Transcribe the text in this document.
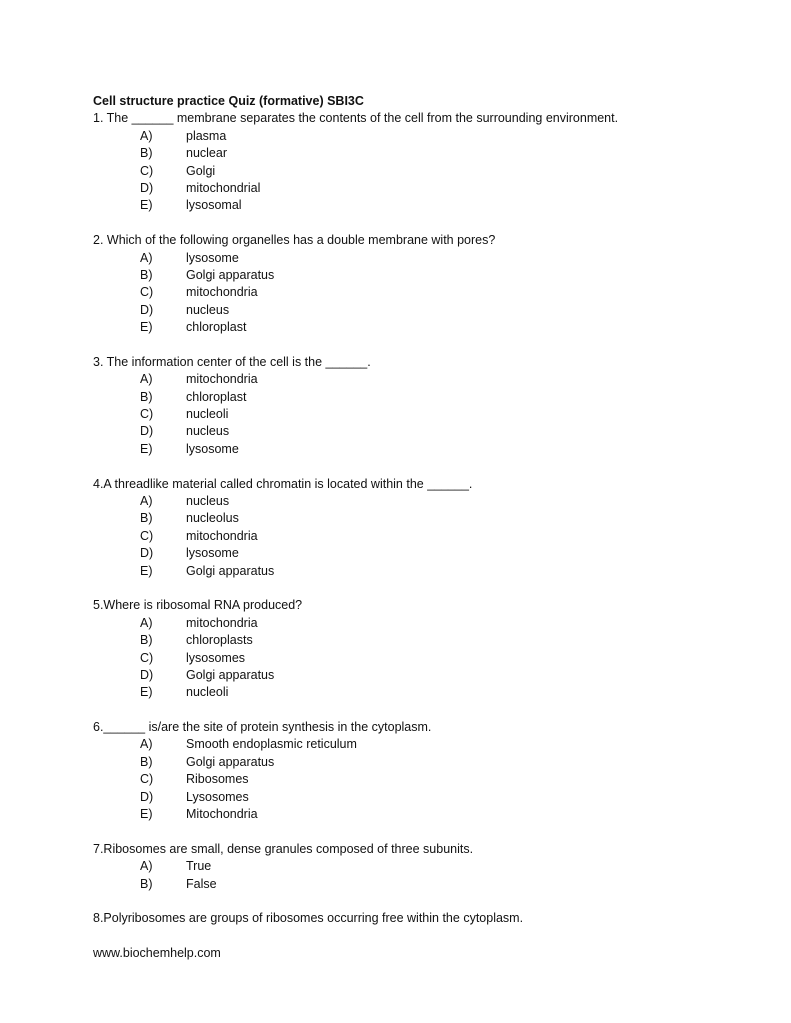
Cell structure practice Quiz (formative) SBI3C
1. The ______ membrane separates the contents of the cell from the surrounding environment.
A)	plasma
B)	nuclear
C)	Golgi
D)	mitochondrial
E)	lysosomal
2. Which of the following organelles has a double membrane with pores?
A)	lysosome
B)	Golgi apparatus
C)	mitochondria
D)	nucleus
E)	chloroplast
3. The information center of the cell is the ______.
A)	mitochondria
B)	chloroplast
C)	nucleoli
D)	nucleus
E)	lysosome
4.A threadlike material called chromatin is located within the ______.
A)	nucleus
B)	nucleolus
C)	mitochondria
D)	lysosome
E)	Golgi apparatus
5.Where is ribosomal RNA produced?
A)	mitochondria
B)	chloroplasts
C)	lysosomes
D)	Golgi apparatus
E)	nucleoli
6.______ is/are the site of protein synthesis in the cytoplasm.
A)	Smooth endoplasmic reticulum
B)	Golgi apparatus
C)	Ribosomes
D)	Lysosomes
E)	Mitochondria
7.Ribosomes are small, dense granules composed of three subunits.
A)	True
B)	False
8.Polyribosomes are groups of ribosomes occurring free within the cytoplasm.
www.biochemhelp.com
